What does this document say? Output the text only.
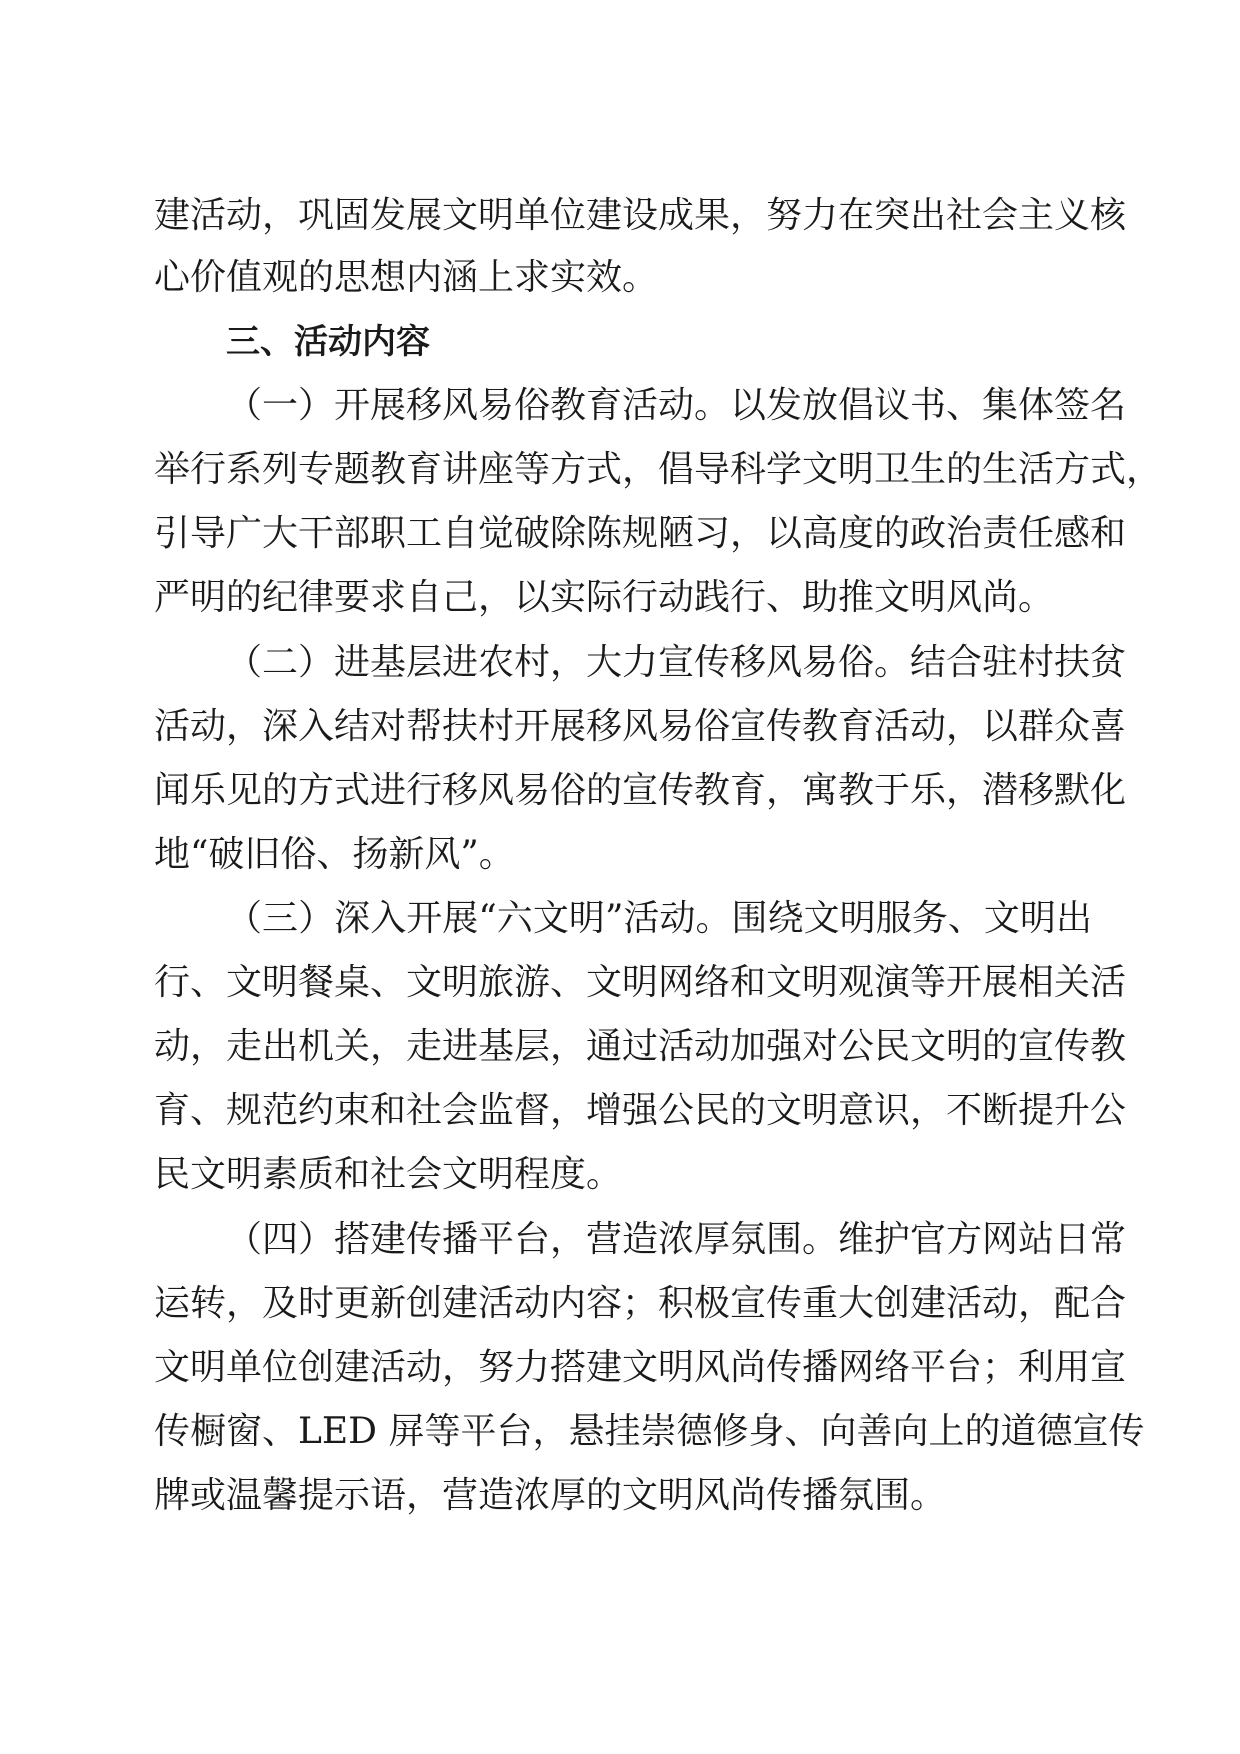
建活动，巩固发展文明单位建设成果，努力在突出社会主义核
心价值观的思想内涵上求实效。
三、活动内容
（一）开展移风易俗教育活动。以发放倡议书、集体签名
举行系列专题教育讲座等方式，倡导科学文明卫生的生活方式，
引导广大干部职工自觉破除陈规陋习，以高度的政治责任感和
严明的纪律要求自己，以实际行动践行、助推文明风尚。
（二）进基层进农村，大力宣传移风易俗。结合驻村扶贫
活动，深入结对帮扶村开展移风易俗宣传教育活动，以群众喜
闻乐见的方式进行移风易俗的宣传教育，寓教于乐，潜移默化
地“破旧俗、扬新风”。
（三）深入开展“六文明”活动。围绕文明服务、文明出
行、文明餐桌、文明旅游、文明网络和文明观演等开展相关活
动，走出机关，走进基层，通过活动加强对公民文明的宣传教
育、规范约束和社会监督，增强公民的文明意识，不断提升公
民文明素质和社会文明程度。
（四）搭建传播平台，营造浓厚氛围。维护官方网站日常
运转，及时更新创建活动内容；积极宣传重大创建活动，配合
文明单位创建活动，努力搭建文明风尚传播网络平台；利用宣
传橱窗、LED 屏等平台，悬挂崇德修身、向善向上的道德宣传
牌或温馨提示语，营造浓厚的文明风尚传播氛围。
